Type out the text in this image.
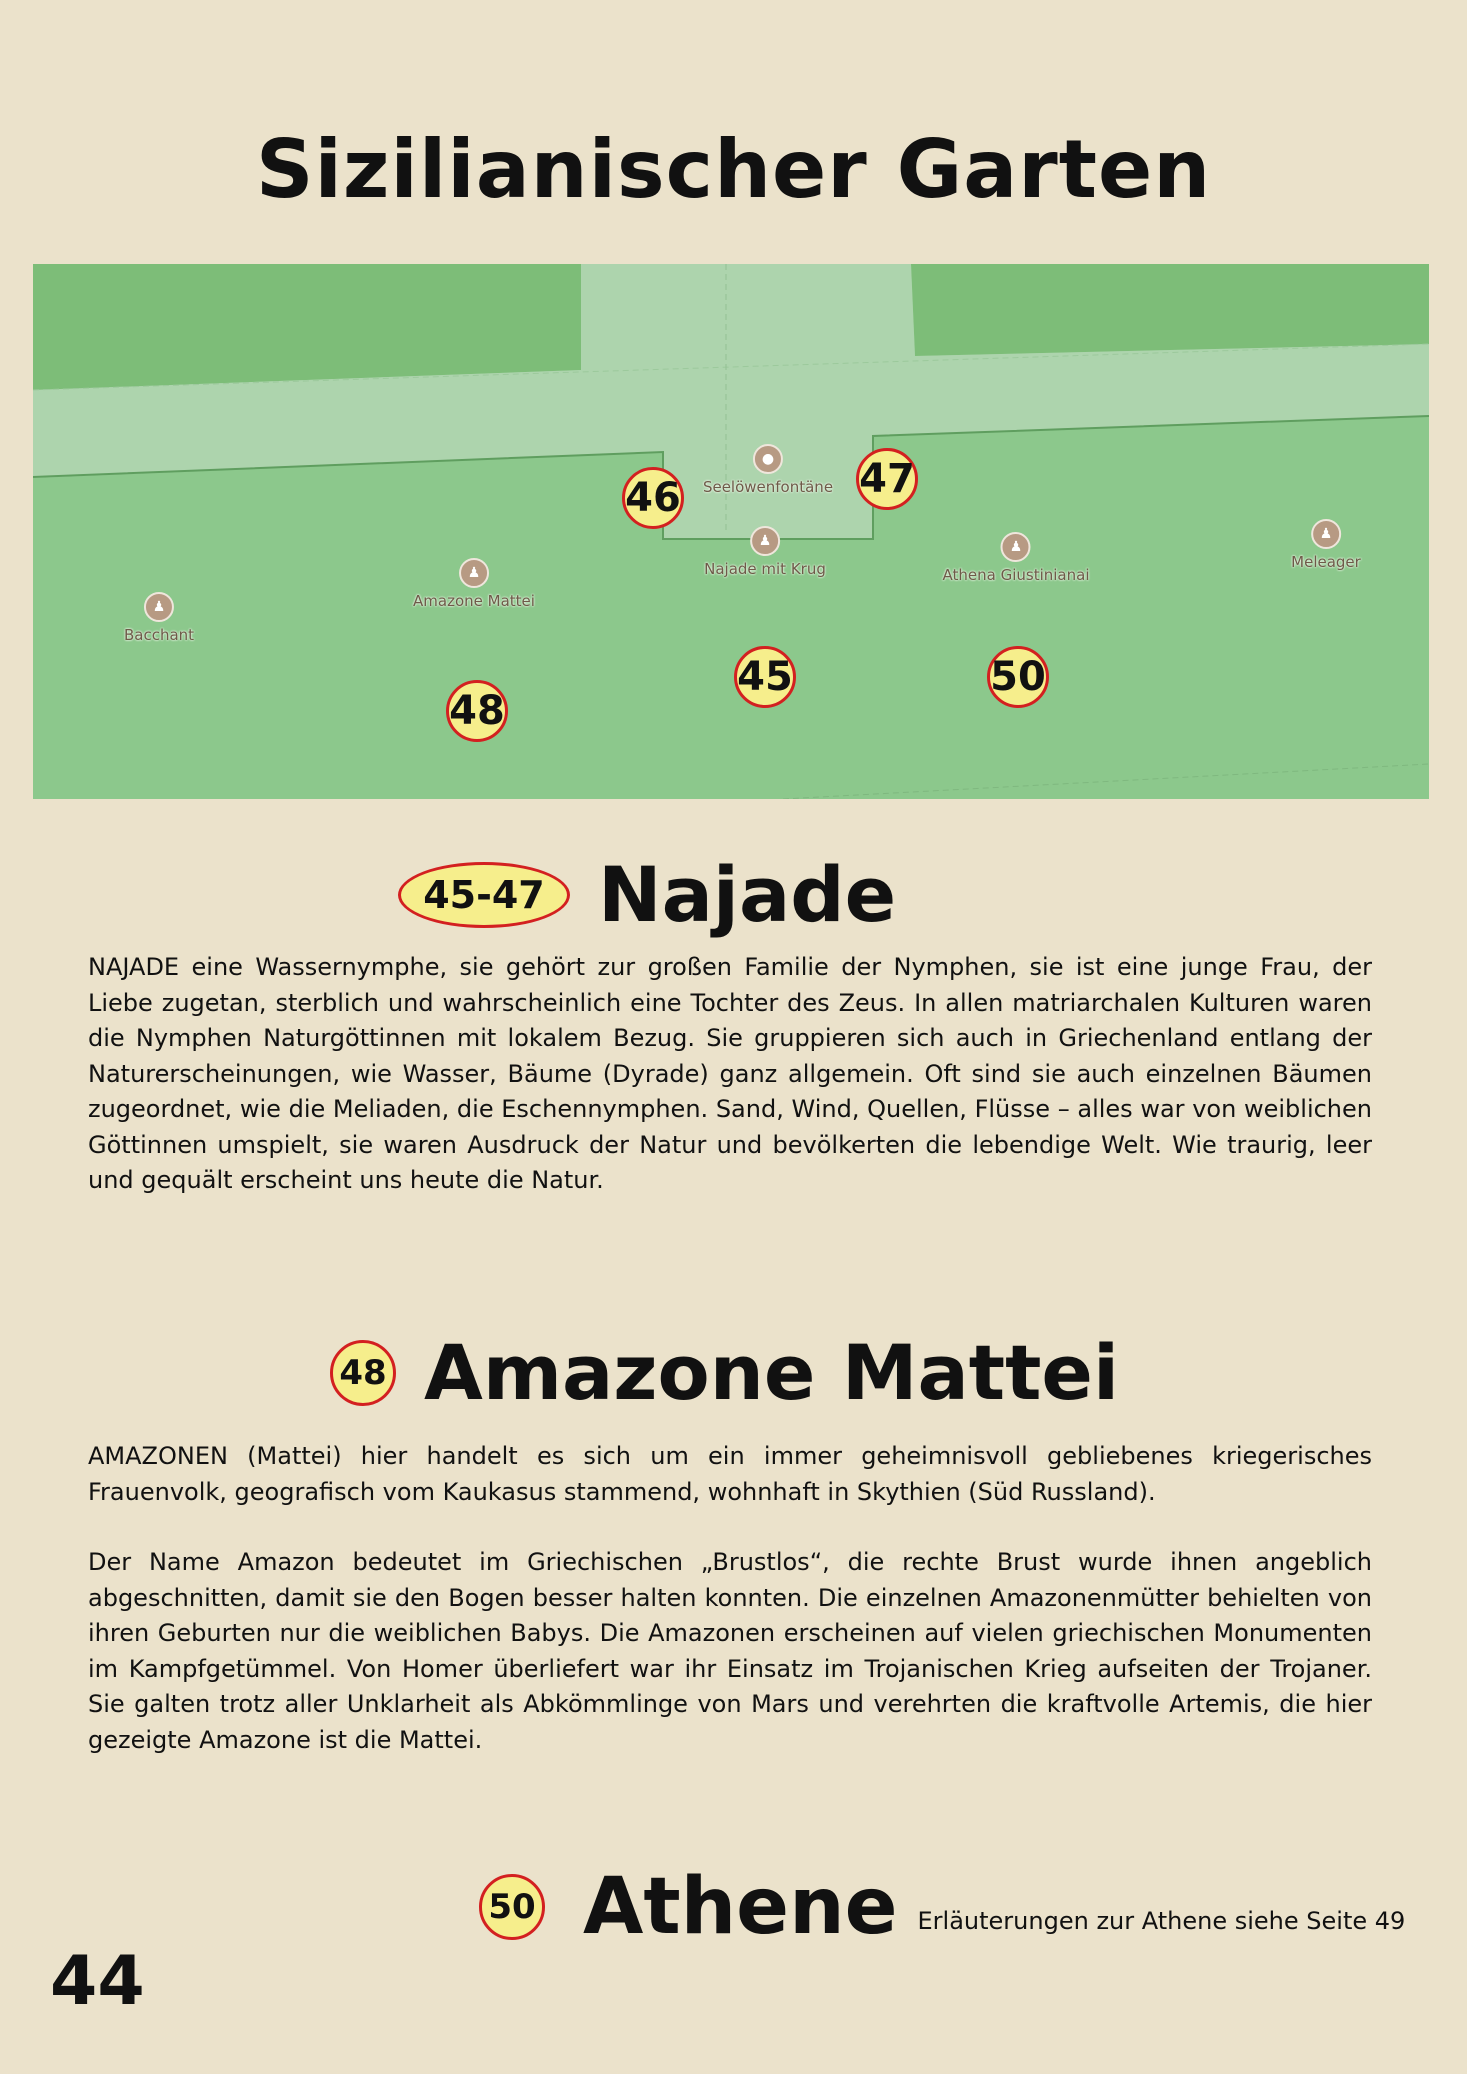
Sizilianischer Garten
●
Seelöwenfontäne
♟
Najade mit Krug
♟
Athena Giustinianai
♟
Meleager
♟
Amazone Mattei
♟
Bacchant
46	47
45	50
48
45-47 Najade
NAJADE eine Wassernymphe, sie gehört zur großen Familie der Nymphen, sie ist eine junge Frau, der Liebe zugetan, sterblich und wahrscheinlich eine Tochter des Zeus. In allen matriarchalen Kulturen waren die Nymphen Naturgöttinnen mit lokalem Bezug. Sie gruppieren sich auch in Griechenland entlang der Naturerscheinungen, wie Wasser, Bäume (Dyrade) ganz allgemein. Oft sind sie auch einzelnen Bäumen zugeordnet, wie die Meliaden, die Eschennymphen. Sand, Wind, Quellen, Flüsse – alles war von weiblichen Göttinnen umspielt, sie waren Ausdruck der Natur und bevölkerten die lebendige Welt. Wie traurig, leer und gequält erscheint uns heute die Natur.
48 Amazone Mattei
AMAZONEN (Mattei) hier handelt es sich um ein immer geheimnisvoll gebliebenes kriegerisches Frauenvolk, geografisch vom Kaukasus stammend, wohnhaft in Skythien (Süd Russland).
Der Name Amazon bedeutet im Griechischen „Brustlos“, die rechte Brust wurde ihnen angeblich abgeschnitten, damit sie den Bogen besser halten konnten. Die einzelnen Amazonenmütter behielten von ihren Geburten nur die weiblichen Babys. Die Amazonen erscheinen auf vielen griechischen Monumenten im Kampfgetümmel. Von Homer überliefert war ihr Einsatz im Trojanischen Krieg aufseiten der Trojaner. Sie galten trotz aller Unklarheit als Abkömmlinge von Mars und verehrten die kraftvolle Artemis, die hier gezeigte Amazone ist die Mattei.
50 Athene Erläuterungen zur Athene siehe Seite 49
44
